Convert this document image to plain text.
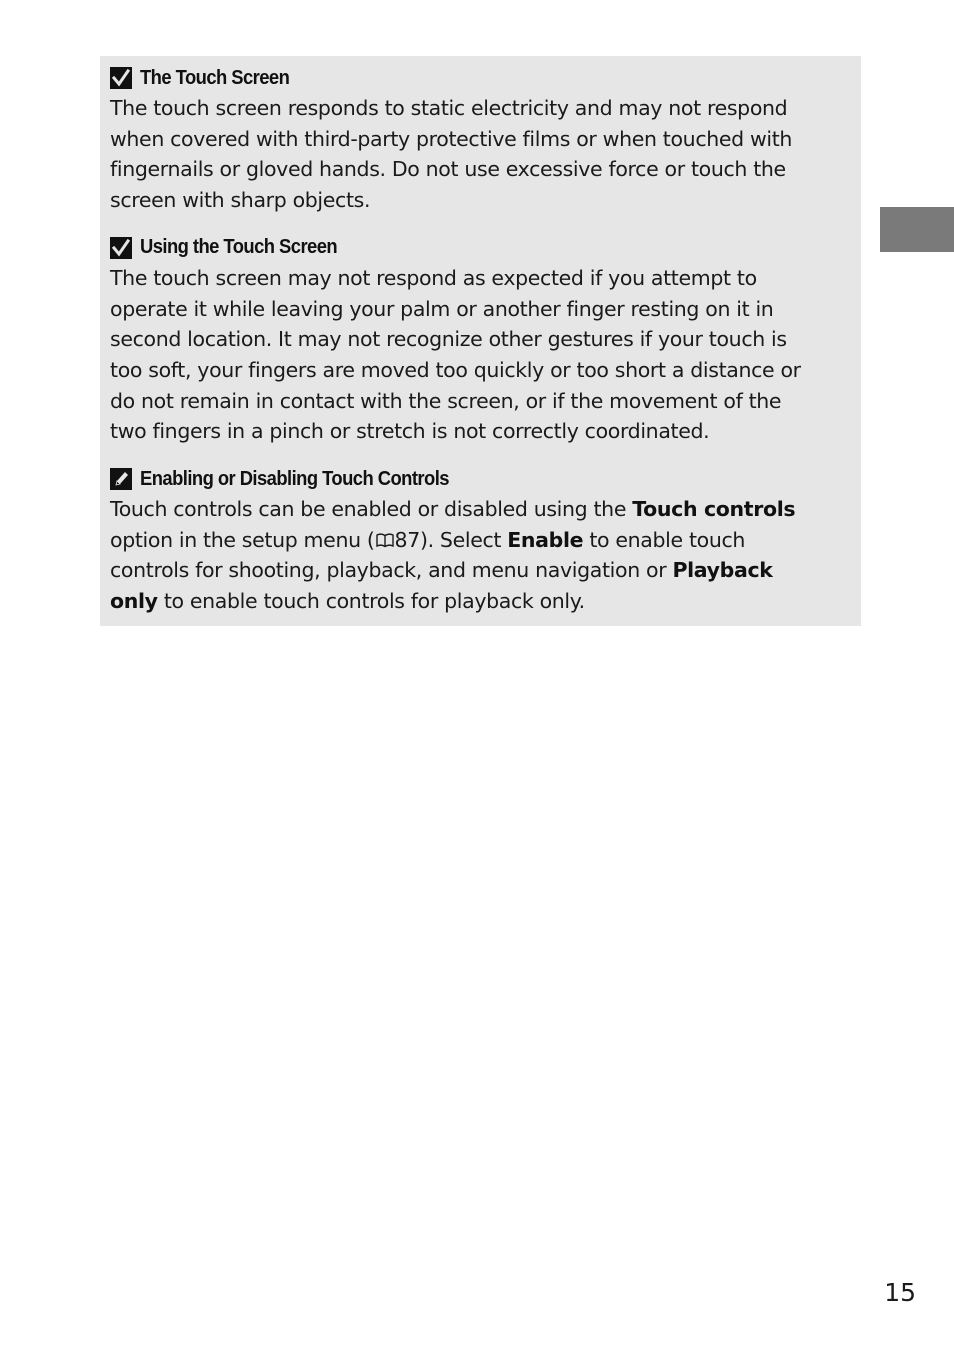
The Touch Screen
The touch screen responds to static electricity and may not respond
when covered with third-party protective films or when touched with
fingernails or gloved hands. Do not use excessive force or touch the
screen with sharp objects.
Using the Touch Screen
The touch screen may not respond as expected if you attempt to
operate it while leaving your palm or another finger resting on it in
second location. It may not recognize other gestures if your touch is
too soft, your fingers are moved too quickly or too short a distance or
do not remain in contact with the screen, or if the movement of the
two fingers in a pinch or stretch is not correctly coordinated.
Enabling or Disabling Touch Controls
Touch controls can be enabled or disabled using the Touch controls
option in the setup menu ( 87). Select Enable to enable touch
controls for shooting, playback, and menu navigation or Playback
only to enable touch controls for playback only.
15
